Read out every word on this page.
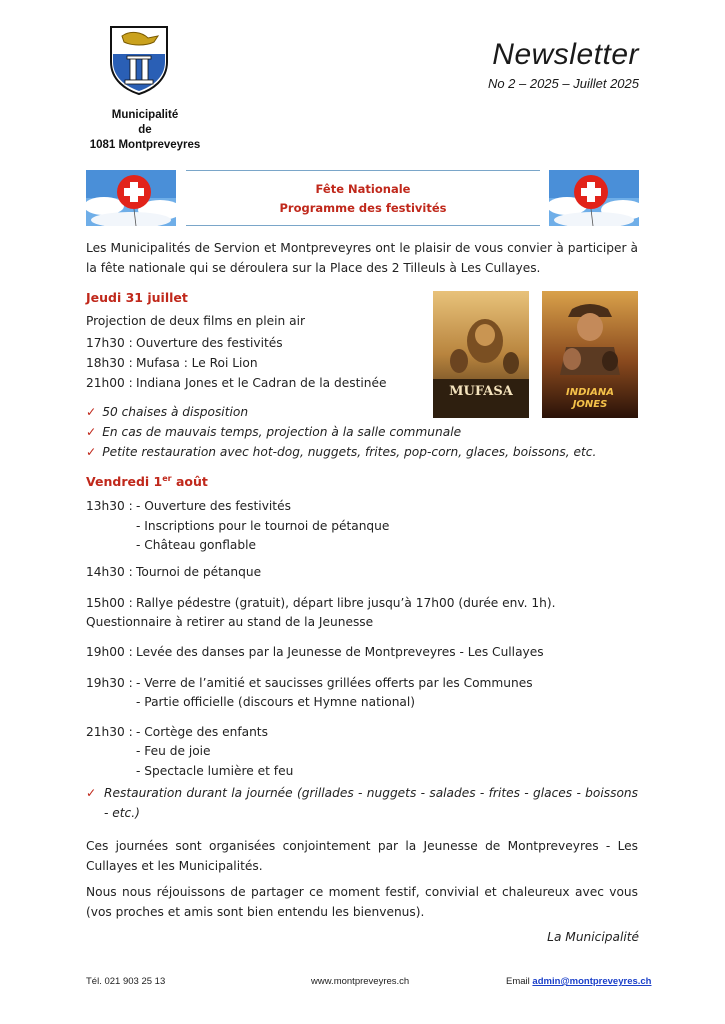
Municipalité
de
1081 Montpreveyres
Newsletter
No 2 – 2025 – Juillet 2025
Fête Nationale
Programme des festivités
Les Municipalités de Servion et Montpreveyres ont le plaisir de vous convier à participer à la fête nationale qui se déroulera sur la Place des 2 Tilleuls à Les Cullayes.
Jeudi 31 juillet
Projection de deux films en plein air
17h30 : Ouverture des festivités
18h30 : Mufasa : Le Roi Lion
21h00 : Indiana Jones et le Cadran de la destinée
MUFASA	INDIANA
JONES
✓ 50 chaises à disposition
✓ En cas de mauvais temps, projection à la salle communale
✓ Petite restauration avec hot-dog, nuggets, frites, pop-corn, glaces, boissons, etc.
Vendredi 1er août
13h30 : - Ouverture des festivités
- Inscriptions pour le tournoi de pétanque
- Château gonflable
14h30 : Tournoi de pétanque
15h00 : Rallye pédestre (gratuit), départ libre jusqu’à 17h00 (durée env. 1h).
Questionnaire à retirer au stand de la Jeunesse
19h00 : Levée des danses par la Jeunesse de Montpreveyres - Les Cullayes
19h30 : - Verre de l’amitié et saucisses grillées offerts par les Communes
- Partie officielle (discours et Hymne national)
21h30 : - Cortège des enfants
- Feu de joie
- Spectacle lumière et feu
✓ Restauration durant la journée (grillades - nuggets - salades - frites - glaces - boissons - etc.)
Ces journées sont organisées conjointement par la Jeunesse de Montpreveyres - Les Cullayes et les Municipalités.
Nous nous réjouissons de partager ce moment festif, convivial et chaleureux avec vous (vos proches et amis sont bien entendu les bienvenus).
La Municipalité
Tél. 021 903 25 13	www.montpreveyres.ch	Email admin@montpreveyres.ch
